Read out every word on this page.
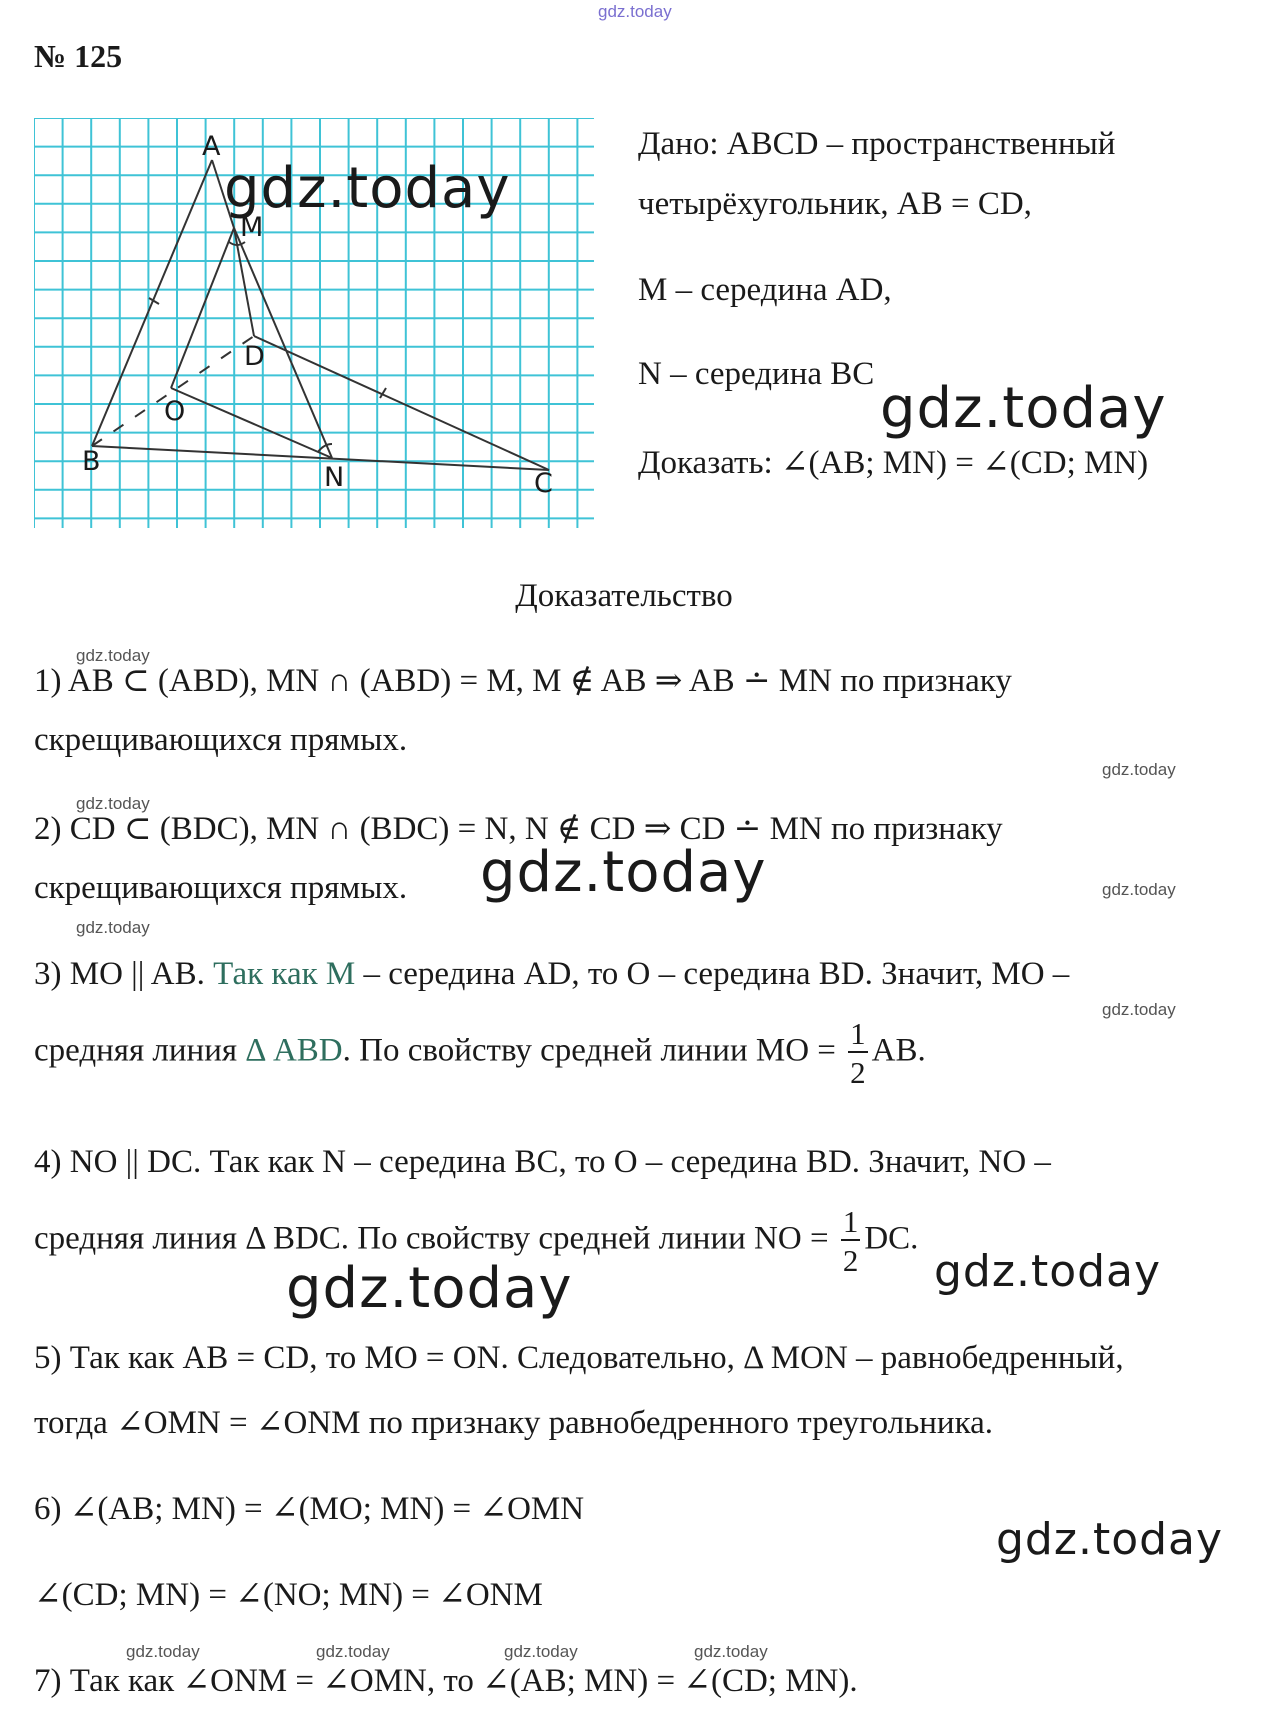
gdz.today
№ 125
A
M
D
O
B
N	C
gdz.today
Дано: ABCD – пространственный
четырёхугольник, AB = CD,
M – середина AD,
N – середина BC
gdz.today
Доказать: ∠(AB; MN) = ∠(CD; MN)
Доказательство
gdz.today
1) AB ⊂ (ABD), MN ∩ (ABD) = M, M ∉ AB ⇒ AB ∸ MN по признаку
скрещивающихся прямых.
gdz.today
gdz.today
2) CD ⊂ (BDC), MN ∩ (BDC) = N, N ∉ CD ⇒ CD ∸ MN по признаку
скрещивающихся прямых. gdz.today	gdz.today
gdz.today
3) MO || AB. Так как M – середина AD, то O – середина BD. Значит, MO –
gdz.today
средняя линия Δ ABD. По свойству средней линии MO = $\frac{1}{2}$ AB.
4) NO || DC. Так как N – середина BC, то O – середина BD. Значит, NO –
средняя линия Δ BDC. По свойству средней линии NO = $\frac{1}{2}$ DC.
gdz.today	gdz.today
5) Так как AB = CD, то MO = ON. Следовательно, Δ MON – равнобедренный,
тогда ∠OMN = ∠ONM по признаку равнобедренного треугольника.
6) ∠(AB; MN) = ∠(MO; MN) = ∠OMN
gdz.today
∠(CD; MN) = ∠(NO; MN) = ∠ONM
gdz.today	gdz.today	gdz.today	gdz.today
7) Так как ∠ONM = ∠OMN, то ∠(AB; MN) = ∠(CD; MN).
